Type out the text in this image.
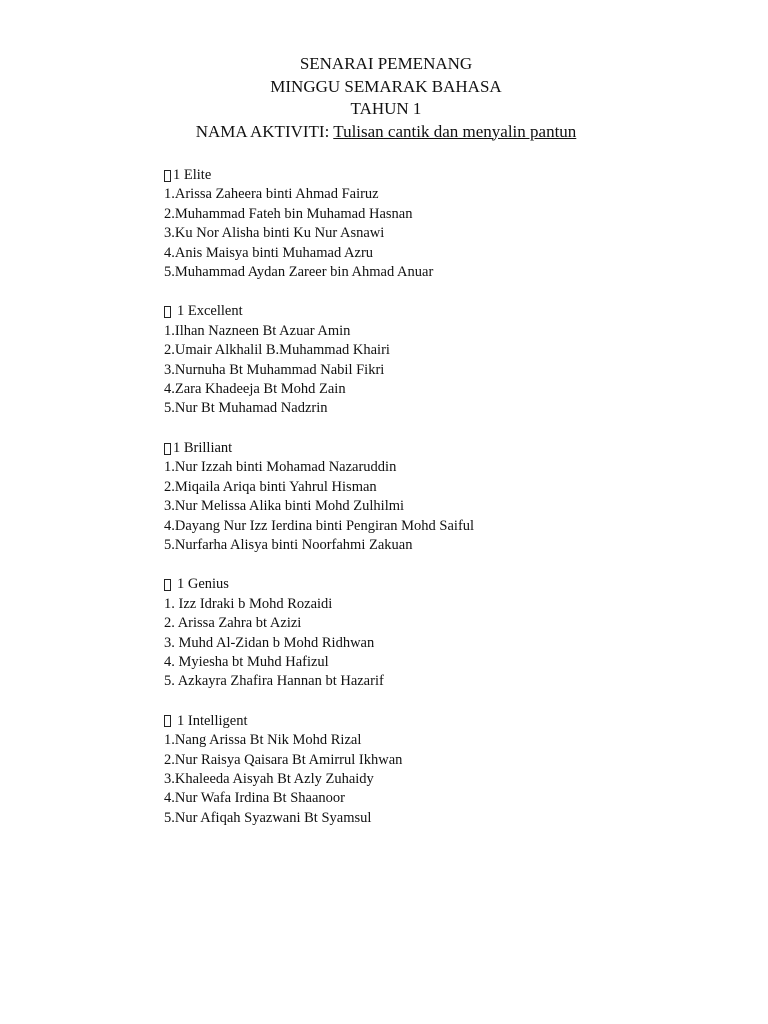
SENARAI PEMENANG
MINGGU SEMARAK BAHASA
TAHUN 1
NAMA AKTIVITI: Tulisan cantik dan menyalin pantun
1 Elite
1.Arissa Zaheera binti Ahmad Fairuz
2.Muhammad Fateh bin Muhamad Hasnan
3.Ku Nor Alisha binti Ku Nur Asnawi
4.Anis Maisya binti Muhamad Azru
5.Muhammad Aydan Zareer bin Ahmad Anuar
1 Excellent
1.Ilhan Nazneen Bt Azuar Amin
2.Umair Alkhalil B.Muhammad Khairi
3.Nurnuha Bt Muhammad Nabil Fikri
4.Zara Khadeeja Bt Mohd Zain
5.Nur Bt Muhamad Nadzrin
1 Brilliant
1.Nur Izzah binti Mohamad Nazaruddin
2.Miqaila Ariqa binti Yahrul Hisman
3.Nur Melissa Alika binti Mohd Zulhilmi
4.Dayang Nur Izz Ierdina binti Pengiran Mohd Saiful
5.Nurfarha Alisya binti Noorfahmi Zakuan
1 Genius
1. Izz Idraki b Mohd Rozaidi
2. Arissa Zahra bt Azizi
3. Muhd Al-Zidan b Mohd Ridhwan
4. Myiesha bt Muhd Hafizul
5. Azkayra Zhafira Hannan bt Hazarif
1 Intelligent
1.Nang Arissa Bt Nik Mohd Rizal
2.Nur Raisya Qaisara Bt Amirrul Ikhwan
3.Khaleeda Aisyah Bt Azly Zuhaidy
4.Nur Wafa Irdina Bt Shaanoor
5.Nur Afiqah Syazwani Bt Syamsul
